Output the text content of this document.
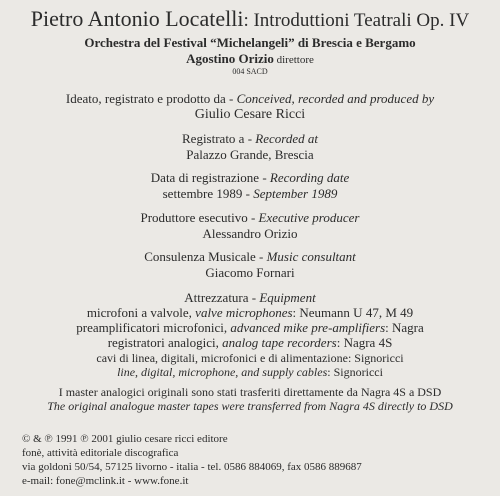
Pietro Antonio Locatelli: Introduttioni Teatrali Op. IV
Orchestra del Festival “Michelangeli” di Brescia e Bergamo
Agostino Orizio direttore
004 SACD
Ideato, registrato e prodotto da - Conceived, recorded and produced by
Giulio Cesare Ricci
Registrato a - Recorded at
Palazzo Grande, Brescia
Data di registrazione - Recording date
settembre 1989 - September 1989
Produttore esecutivo - Executive producer
Alessandro Orizio
Consulenza Musicale - Music consultant
Giacomo Fornari
Attrezzatura - Equipment
microfoni a valvole, valve microphones: Neumann U 47, M 49
preamplificatori microfonici, advanced mike pre-amplifiers: Nagra
registratori analogici, analog tape recorders: Nagra 4S
cavi di linea, digitali, microfonici e di alimentazione: Signoricci
line, digital, microphone, and supply cables: Signoricci
I master analogici originali sono stati trasferiti direttamente da Nagra 4S a DSD
The original analogue master tapes were transferred from Nagra 4S directly to DSD
© & ℗ 1991 ℗ 2001 giulio cesare ricci editore
fonè, attività editoriale discografica
via goldoni 50/54, 57125 livorno - italia - tel. 0586 884069, fax 0586 889687
e-mail: fone@mclink.it - www.fone.it
